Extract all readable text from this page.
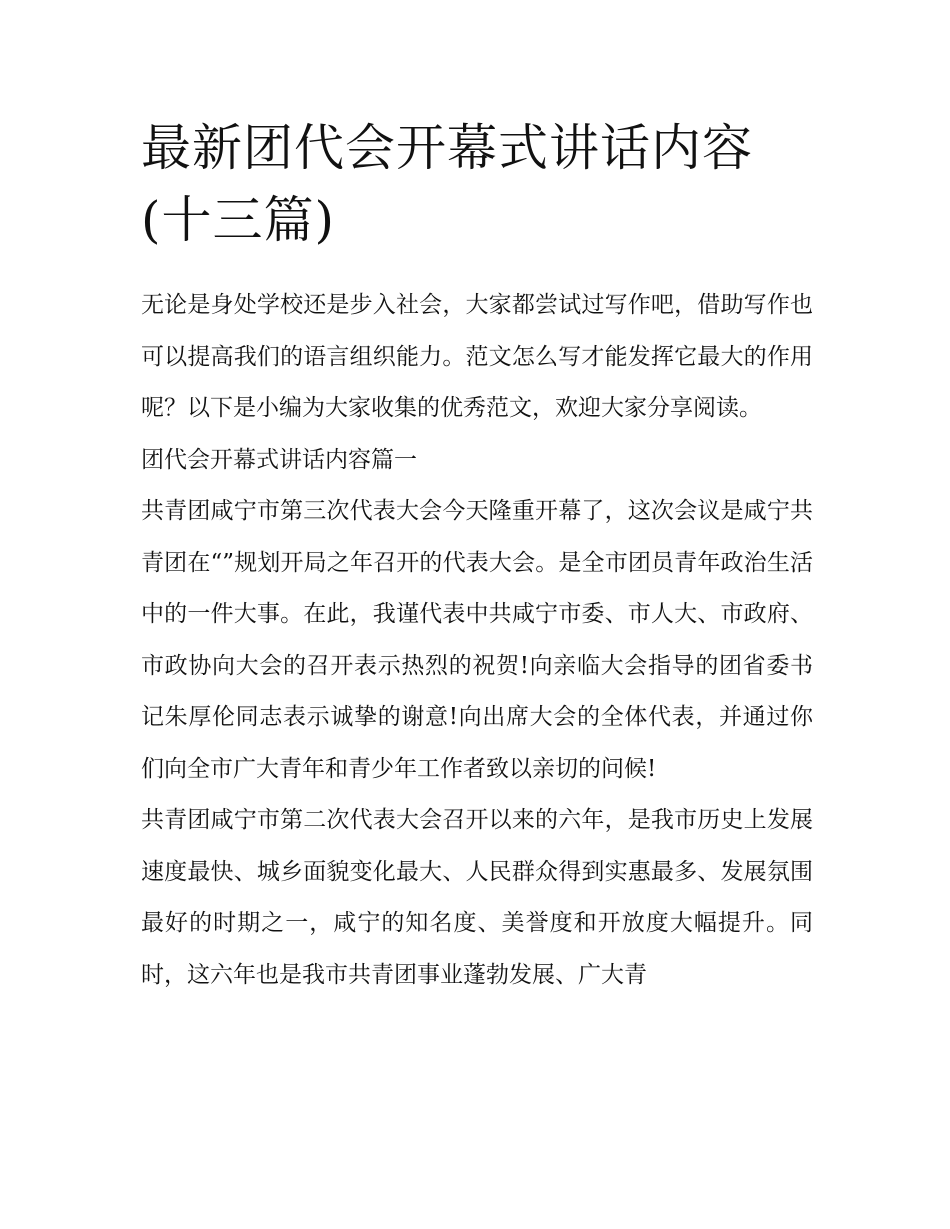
最新团代会开幕式讲话内容(十三篇)

无论是身处学校还是步入社会，大家都尝试过写作吧，借助写作也可以提高我们的语言组织能力。范文怎么写才能发挥它最大的作用呢？以下是小编为大家收集的优秀范文，欢迎大家分享阅读。

团代会开幕式讲话内容篇一

共青团咸宁市第三次代表大会今天隆重开幕了，这次会议是咸宁共青团在“”规划开局之年召开的代表大会。是全市团员青年政治生活中的一件大事。在此，我谨代表中共咸宁市委、市人大、市政府、市政协向大会的召开表示热烈的祝贺!向亲临大会指导的团省委书记朱厚伦同志表示诚挚的谢意!向出席大会的全体代表，并通过你们向全市广大青年和青少年工作者致以亲切的问候!

共青团咸宁市第二次代表大会召开以来的六年，是我市历史上发展速度最快、城乡面貌变化最大、人民群众得到实惠最多、发展氛围最好的时期之一，咸宁的知名度、美誉度和开放度大幅提升。同时，这六年也是我市共青团事业蓬勃发展、广大青
